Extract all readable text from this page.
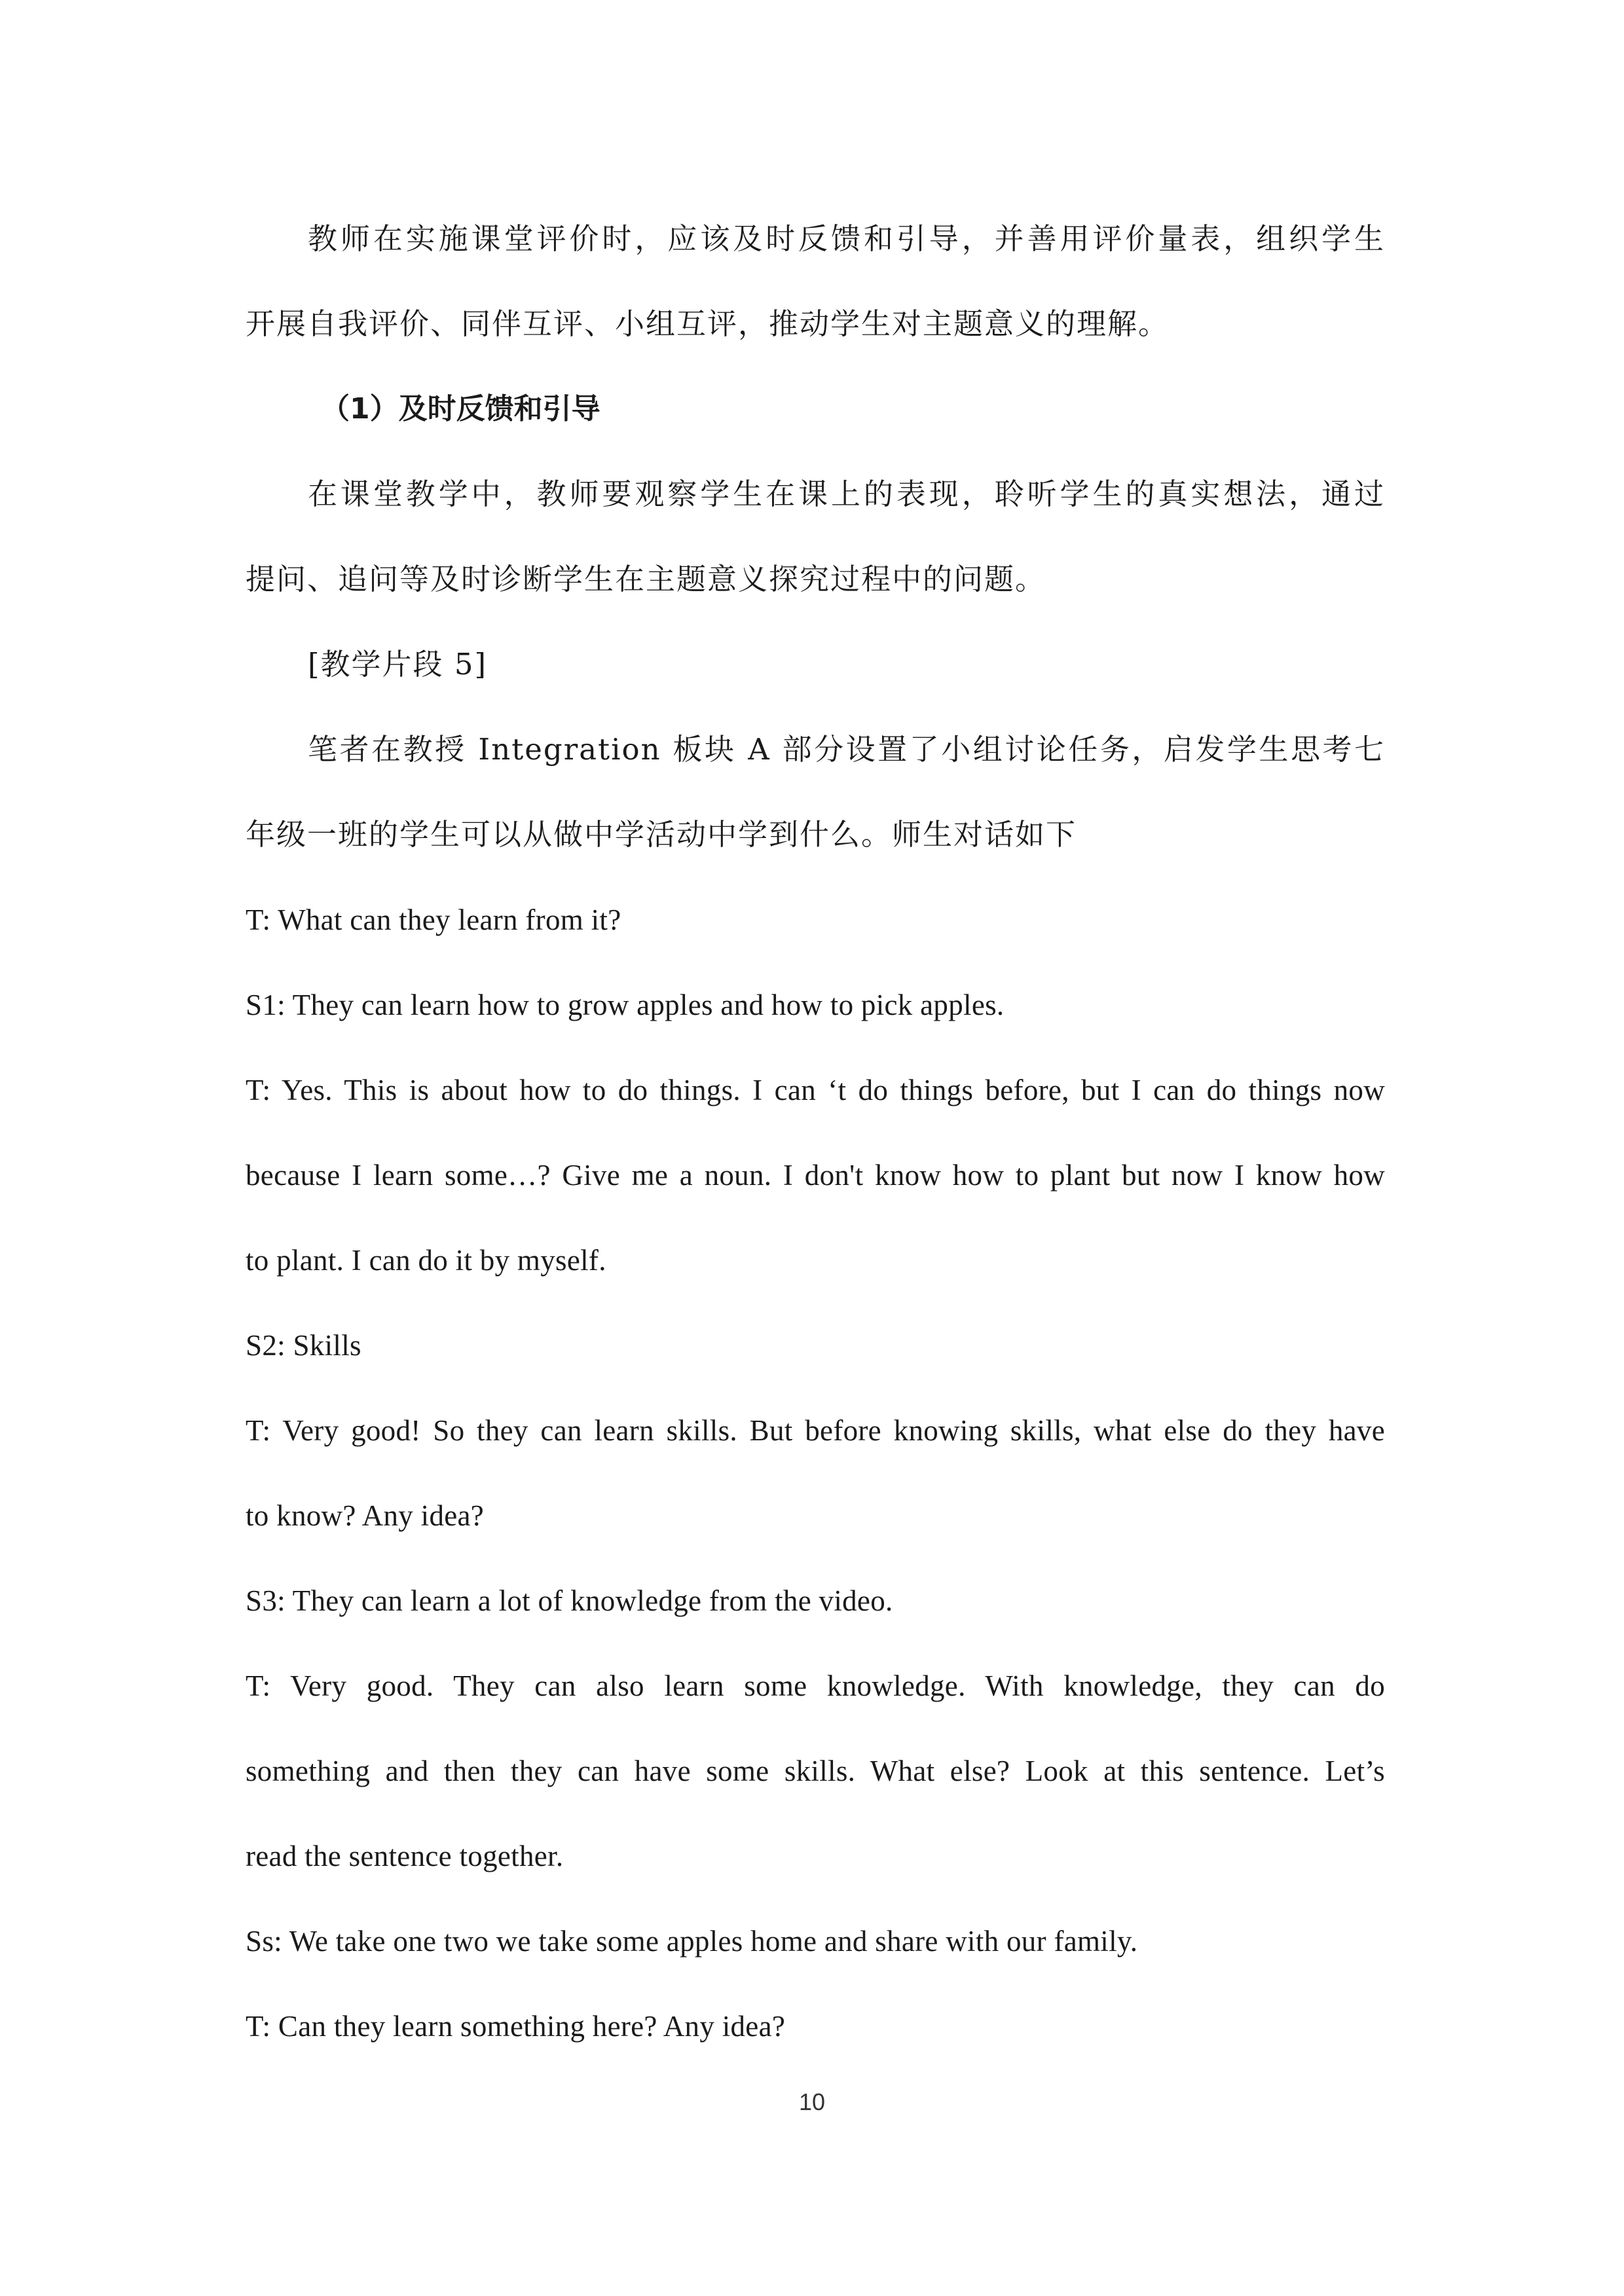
教师在实施课堂评价时，应该及时反馈和引导，并善用评价量表，组织学生
开展自我评价、同伴互评、小组互评，推动学生对主题意义的理解。
（1）及时反馈和引导
在课堂教学中，教师要观察学生在课上的表现，聆听学生的真实想法，通过
提问、追问等及时诊断学生在主题意义探究过程中的问题。
[教学片段 5]
笔者在教授 Integration 板块 A 部分设置了小组讨论任务，启发学生思考七
年级一班的学生可以从做中学活动中学到什么。师生对话如下
T: What can they learn from it?
S1: They can learn how to grow apples and how to pick apples.
T: Yes. This is about how to do things. I can ‘t do things before, but I can do things now
because I learn some…? Give me a noun. I don't know how to plant but now I know how
to plant. I can do it by myself.
S2: Skills
T: Very good! So they can learn skills. But before knowing skills, what else do they have
to know? Any idea?
S3: They can learn a lot of knowledge from the video.
T: Very good. They can also learn some knowledge. With knowledge, they can do
something and then they can have some skills. What else? Look at this sentence. Let’s
read the sentence together.
Ss: We take one two we take some apples home and share with our family.
T: Can they learn something here? Any idea?
10
